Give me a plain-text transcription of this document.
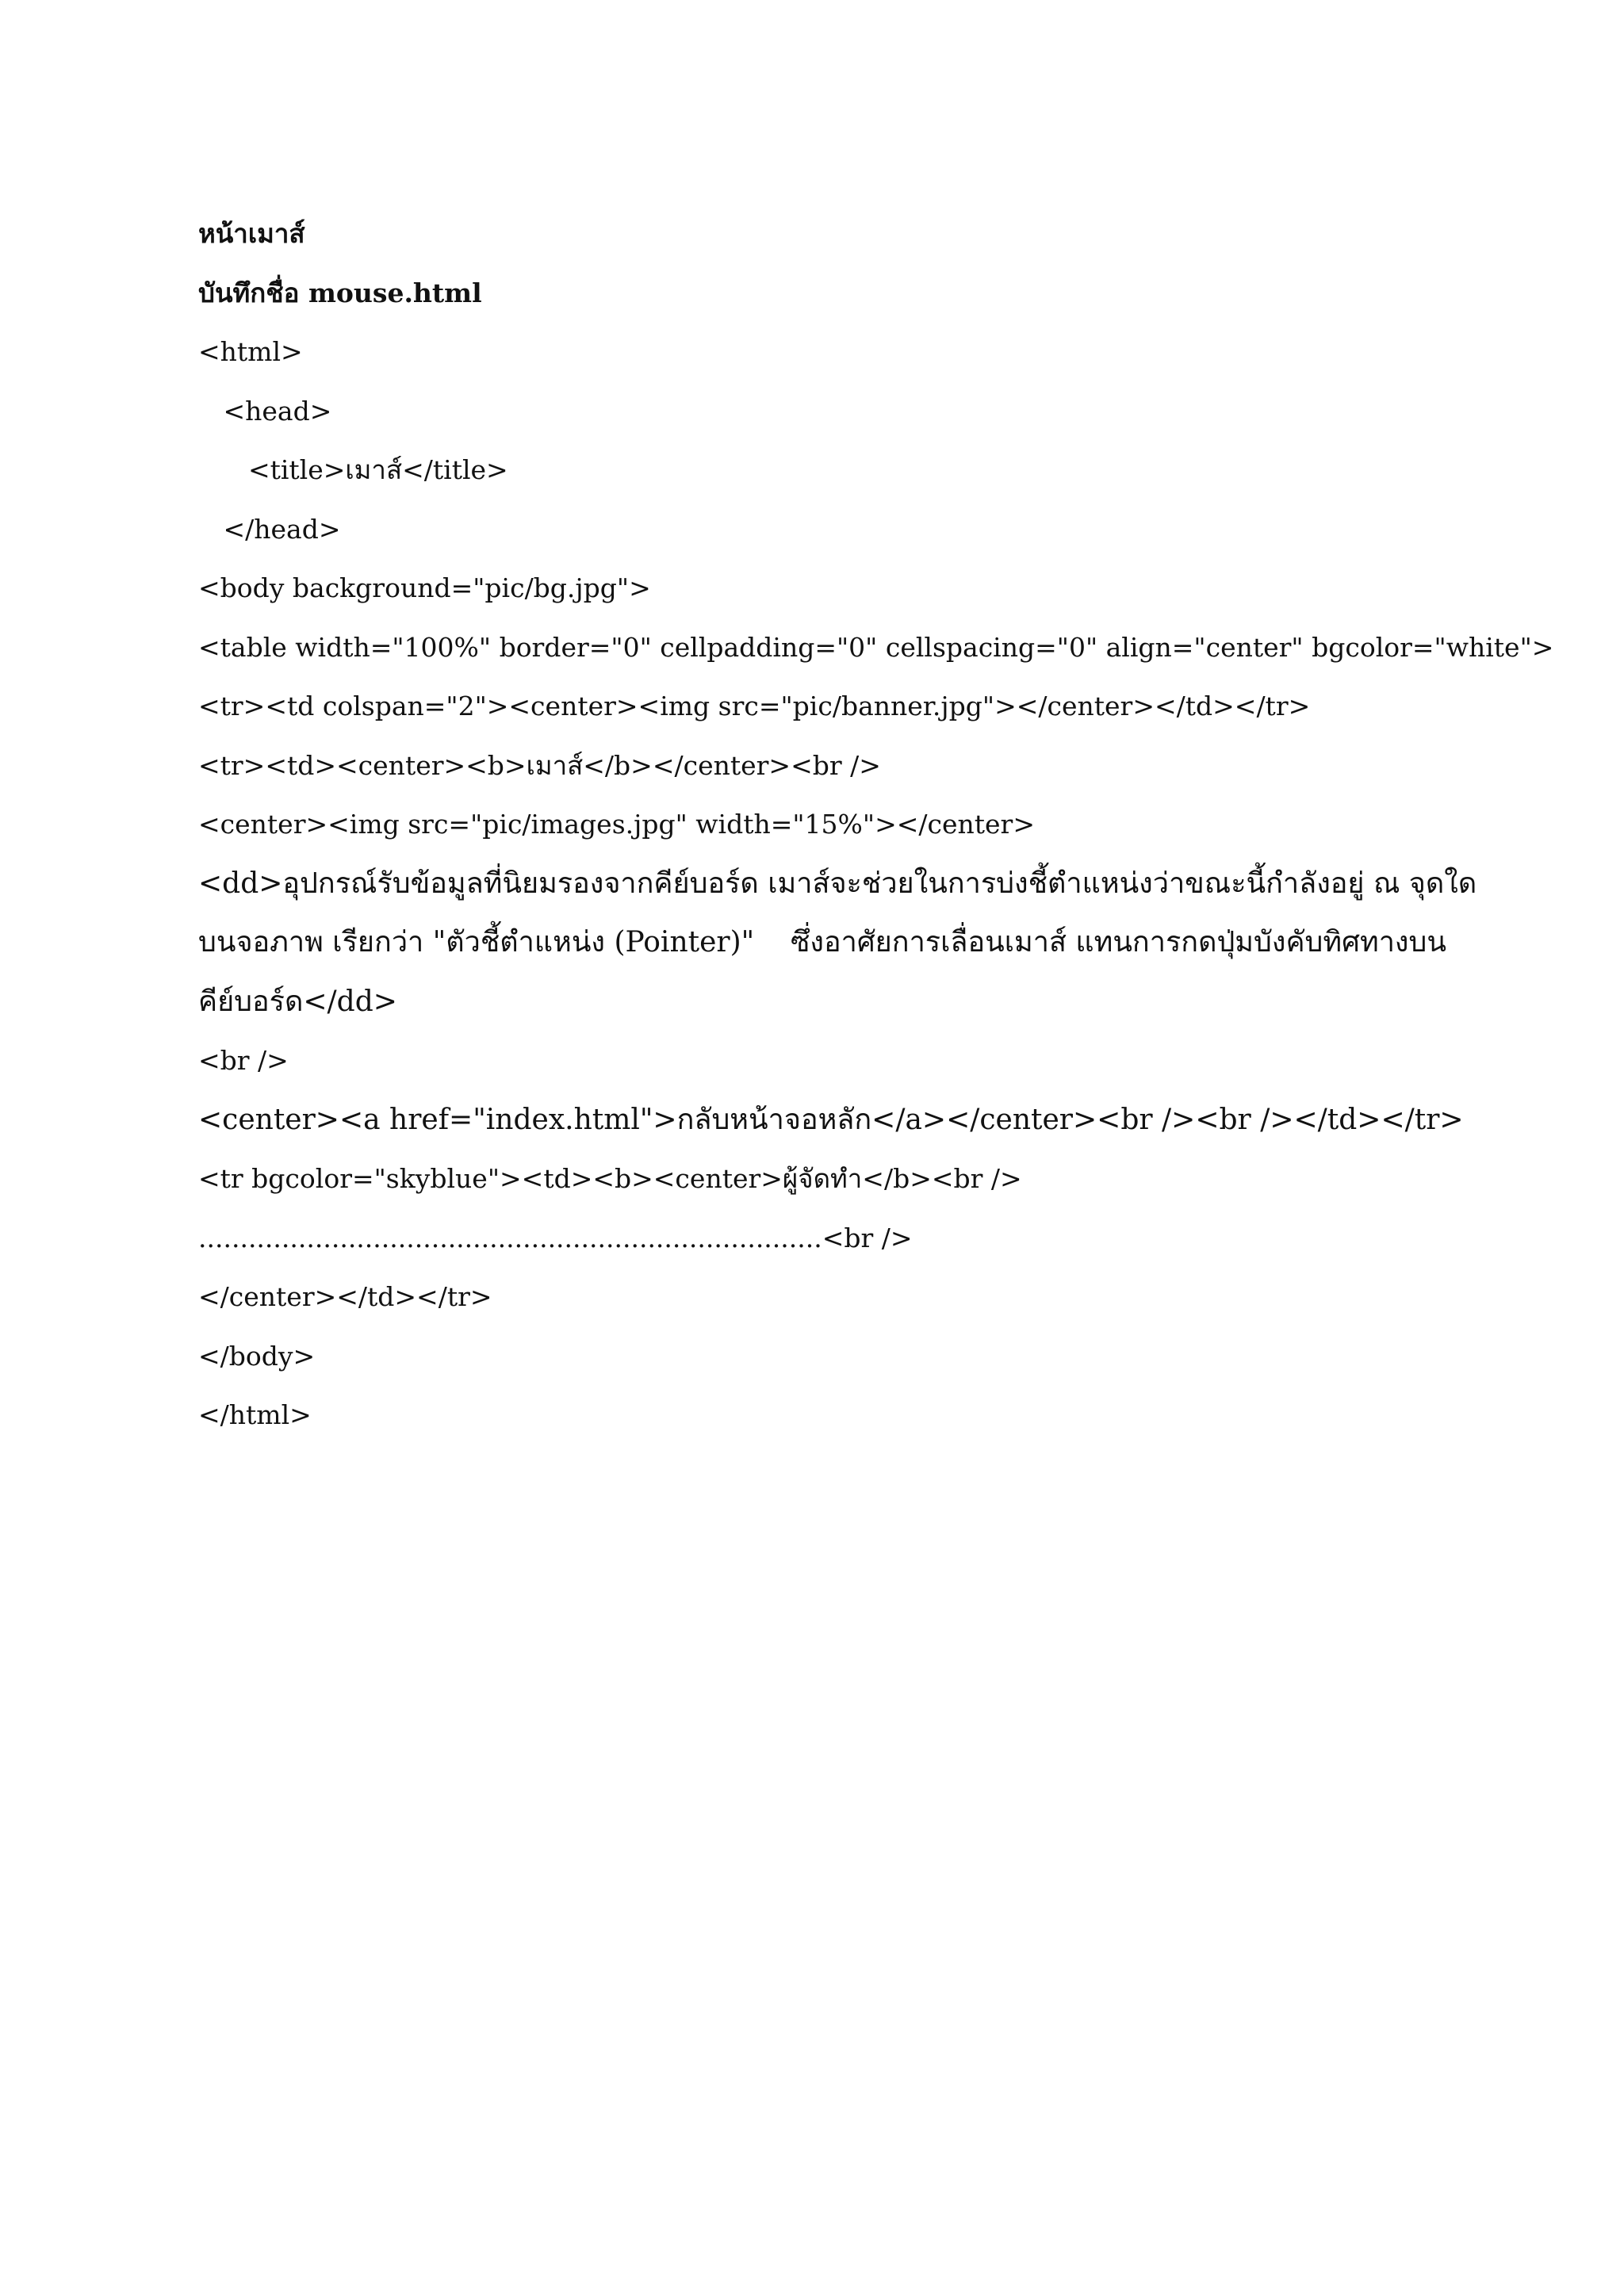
หน้าเมาส์
บันทึกชื่อ mouse.html
<html>
<head>
<title>เมาส์</title>
</head>
<body background="pic/bg.jpg">
<table width="100%" border="0" cellpadding="0" cellspacing="0" align="center" bgcolor="white">
<tr><td colspan="2"><center><img src="pic/banner.jpg"></center></td></tr>
<tr><td><center><b>เมาส์</b></center><br />
<center><img src="pic/images.jpg" width="15%"></center>
<dd>อุปกรณ์รับข้อมูลที่นิยมรองจากคีย์บอร์ด เมาส์จะช่วยในการบ่งชี้ตำแหน่งว่าขณะนี้กำลังอยู่ ณ จุดใด
บนจอภาพ เรียกว่า "ตัวชี้ตำแหน่ง (Pointer)"    ซึ่งอาศัยการเลื่อนเมาส์ แทนการกดปุ่มบังคับทิศทางบน
คีย์บอร์ด</dd>
<br />
<center><a href="index.html">กลับหน้าจอหลัก</a></center><br /><br /></td></tr>
<tr bgcolor="skyblue"><td><b><center>ผู้จัดทำ</b><br />
...........................................................................<br />
</center></td></tr>
</body>
</html>
